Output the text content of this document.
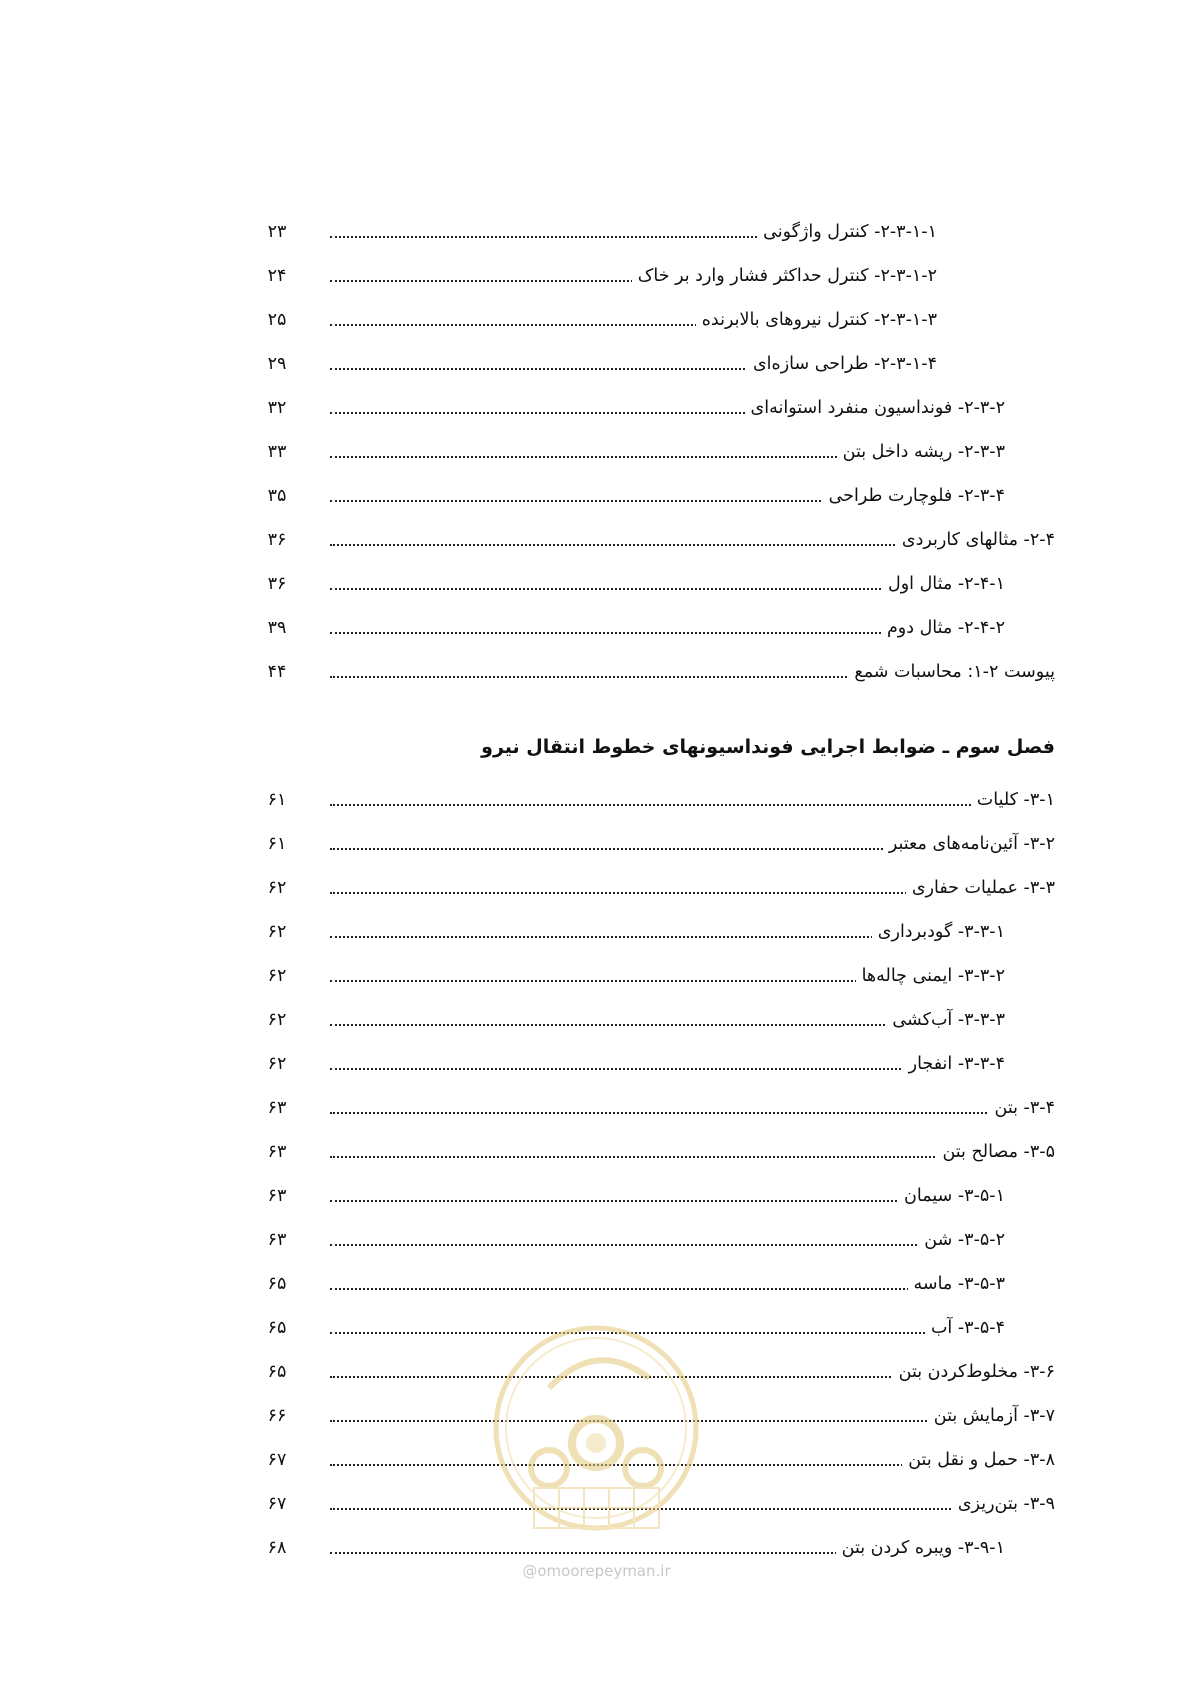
۲-۳-۱-۱- کنترل واژگونی
۲۳
۲-۳-۱-۲- کنترل حداکثر فشار وارد بر خاک
۲۴
۲-۳-۱-۳- کنترل نیروهای بالابرنده
۲۵
۲-۳-۱-۴- طراحی سازه‌ای
۲۹
۲-۳-۲- فونداسیون منفرد استوانه‌ای
۳۲
۲-۳-۳- ریشه داخل بتن
۳۳
۲-۳-۴- فلوچارت طراحی
۳۵
۲-۴- مثالهای کاربردی
۳۶
۲-۴-۱- مثال اول
۳۶
۲-۴-۲- مثال دوم
۳۹
پیوست ۲-۱: محاسبات شمع
۴۴
فصل سوم ـ ضوابط اجرایی فونداسیونهای خطوط انتقال نیرو
۳-۱- کلیات
۶۱
۳-۲- آئین‌نامه‌های معتبر
۶۱
۳-۳- عملیات حفاری
۶۲
۳-۳-۱- گودبرداری
۶۲
۳-۳-۲- ایمنی چاله‌ها
۶۲
۳-۳-۳- آب‌کشی
۶۲
۳-۳-۴- انفجار
۶۲
۳-۴- بتن
۶۳
۳-۵- مصالح بتن
۶۳
۳-۵-۱- سیمان
۶۳
۳-۵-۲- شن
۶۳
۳-۵-۳- ماسه
۶۵
۳-۵-۴- آب
۶۵
۳-۶- مخلوط‌کردن بتن
۶۵
۳-۷- آزمایش بتن
۶۶
۳-۸- حمل و نقل بتن
۶۷
۳-۹- بتن‌ریزی
۶۷
۳-۹-۱- ویبره کردن بتن
۶۸
@omoorepeyman.ir
